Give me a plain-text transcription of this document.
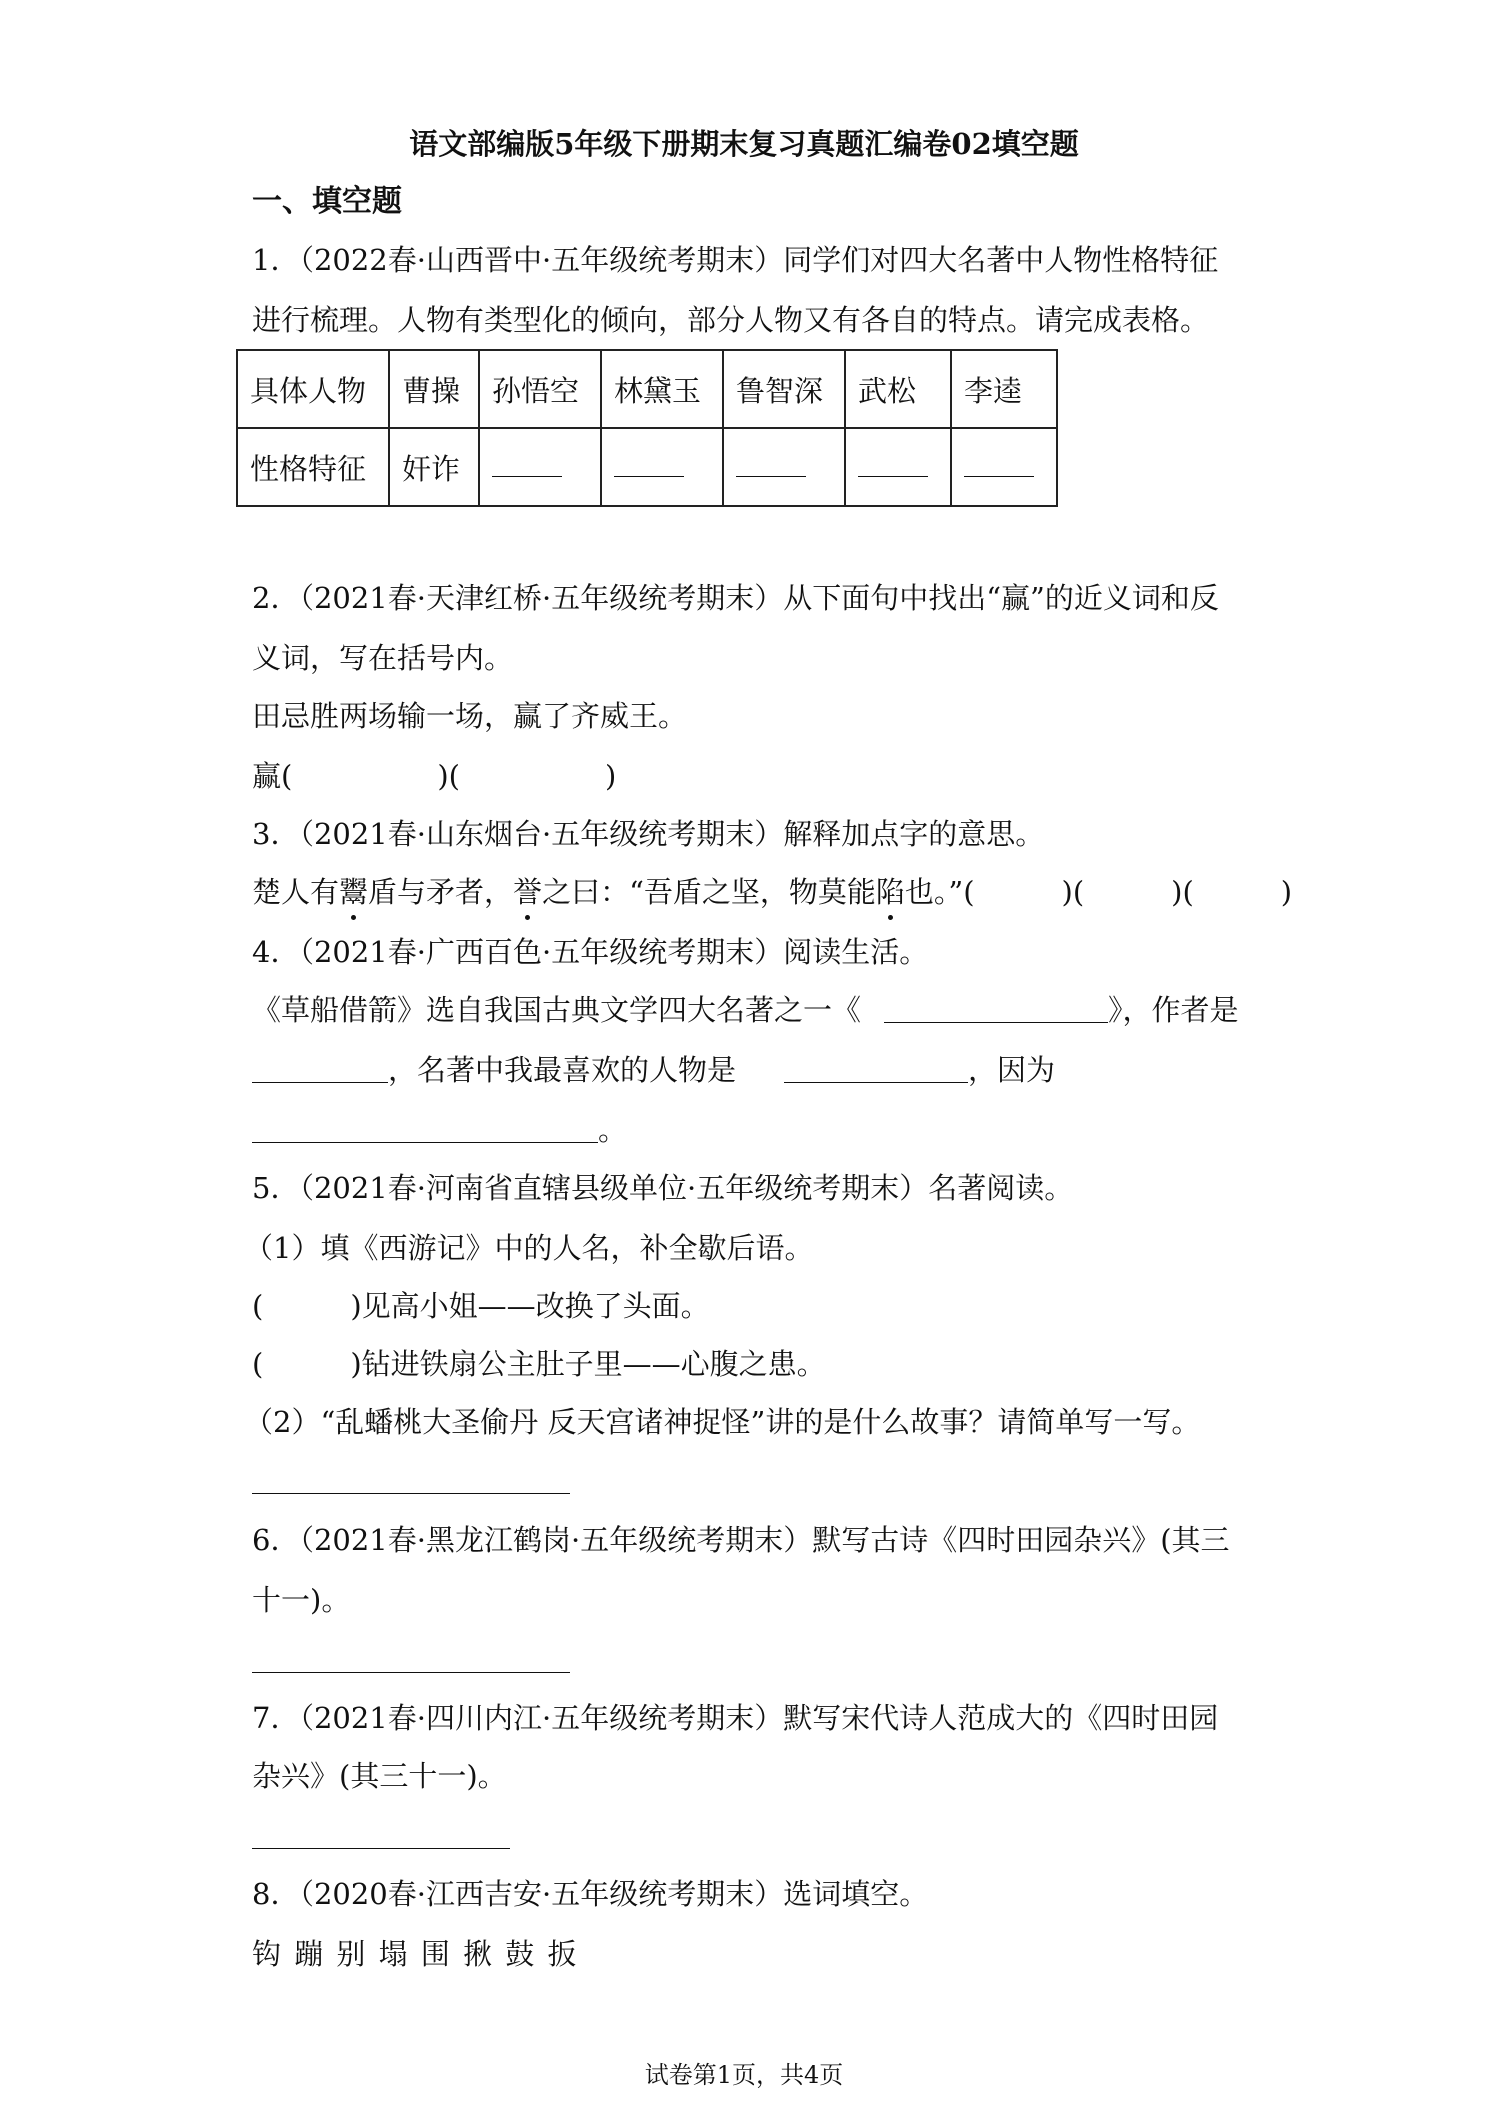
语文部编版5年级下册期末复习真题汇编卷02填空题
一、填空题
1．（2022春·山西晋中·五年级统考期末）同学们对四大名著中人物性格特征
进行梳理。人物有类型化的倾向，部分人物又有各自的特点。请完成表格。
具体人物	曹操	孙悟空	林黛玉	鲁智深	武松	李逵
性格特征	奸诈					
2．（2021春·天津红桥·五年级统考期末）从下面句中找出“赢”的近义词和反
义词，写在括号内。
田忌胜两场输一场，赢了齐威王。
赢(　　　　　)(　　　　　)
3．（2021春·山东烟台·五年级统考期末）解释加点字的意思。
楚人有鬻盾与矛者，誉之曰：“吾盾之坚，物莫能陷也。”(　　　)(　　　)(　　　)
4．（2021春·广西百色·五年级统考期末）阅读生活。
《草船借箭》选自我国古典文学四大名著之一《	》，作者是
，名著中我最喜欢的人物是	，因为
。
5．（2021春·河南省直辖县级单位·五年级统考期末）名著阅读。
（1）填《西游记》中的人名，补全歇后语。
(　　　)见高小姐——改换了头面。
(　　　)钻进铁扇公主肚子里——心腹之患。
（2）“乱蟠桃大圣偷丹 反天宫诸神捉怪”讲的是什么故事？请简单写一写。
6．（2021春·黑龙江鹤岗·五年级统考期末）默写古诗《四时田园杂兴》(其三
十一)。
7．（2021春·四川内江·五年级统考期末）默写宋代诗人范成大的《四时田园
杂兴》(其三十一)。
8．（2020春·江西吉安·五年级统考期末）选词填空。
钩 蹦 别 塌 围 揪 鼓 扳
试卷第1页，共4页
